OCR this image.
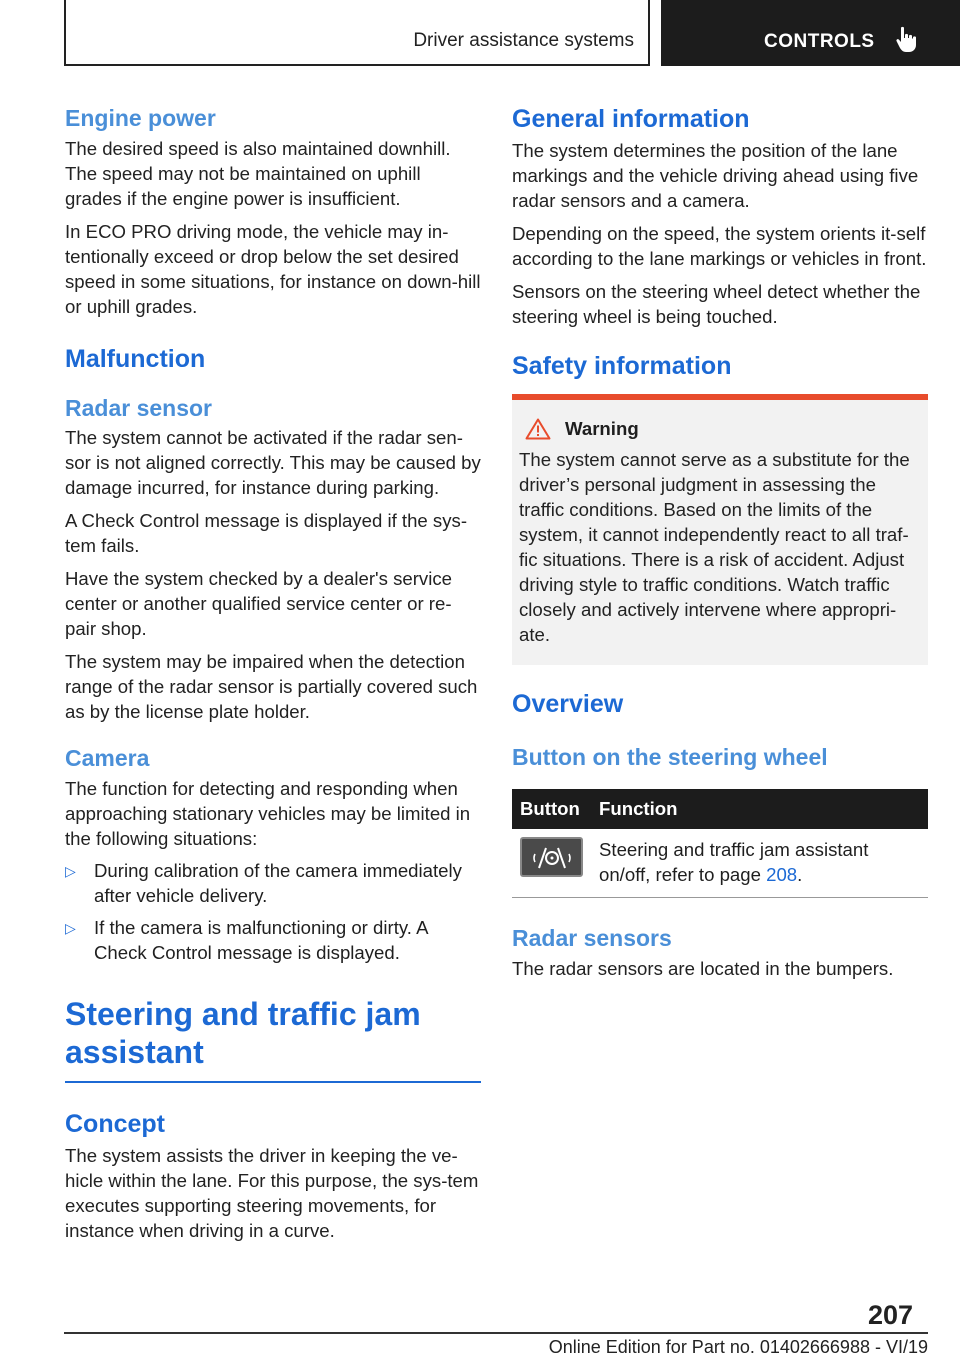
Driver assistance systems	CONTROLS
Engine power

The desired speed is also maintained downhill. The speed may not be maintained on uphill grades if the engine power is insufficient.

In ECO PRO driving mode, the vehicle may in‐tentionally exceed or drop below the set desired speed in some situations, for instance on down‐hill or uphill grades.

Malfunction
Radar sensor

The system cannot be activated if the radar sen‐sor is not aligned correctly. This may be caused by damage incurred, for instance during parking.

A Check Control message is displayed if the sys‐tem fails.

Have the system checked by a dealer's service center or another qualified service center or re‐pair shop.

The system may be impaired when the detection range of the radar sensor is partially covered such as by the license plate holder.

Camera

The function for detecting and responding when approaching stationary vehicles may be limited in the following situations:

▷ During calibration of the camera immediately after vehicle delivery.
▷ If the camera is malfunctioning or dirty. A Check Control message is displayed.
Steering and traffic jam assistant
Concept

The system assists the driver in keeping the ve‐hicle within the lane. For this purpose, the sys‐tem executes supporting steering movements, for instance when driving in a curve.

General information

The system determines the position of the lane markings and the vehicle driving ahead using five radar sensors and a camera.

Depending on the speed, the system orients it‐self according to the lane markings or vehicles in front.

Sensors on the steering wheel detect whether the steering wheel is being touched.

Safety information
Warning

The system cannot serve as a substitute for the driver’s personal judgment in assessing the traffic conditions. Based on the limits of the system, it cannot independently react to all traf‐fic situations. There is a risk of accident. Adjust driving style to traffic conditions. Watch traffic closely and actively intervene where appropri‐ate.

Overview
Button on the steering wheel
Button	Function

	Steering and traffic jam assistant on/off, refer to page 208.
Radar sensors

The radar sensors are located in the bumpers.

207
Online Edition for Part no. 01402666988 - VI/19
